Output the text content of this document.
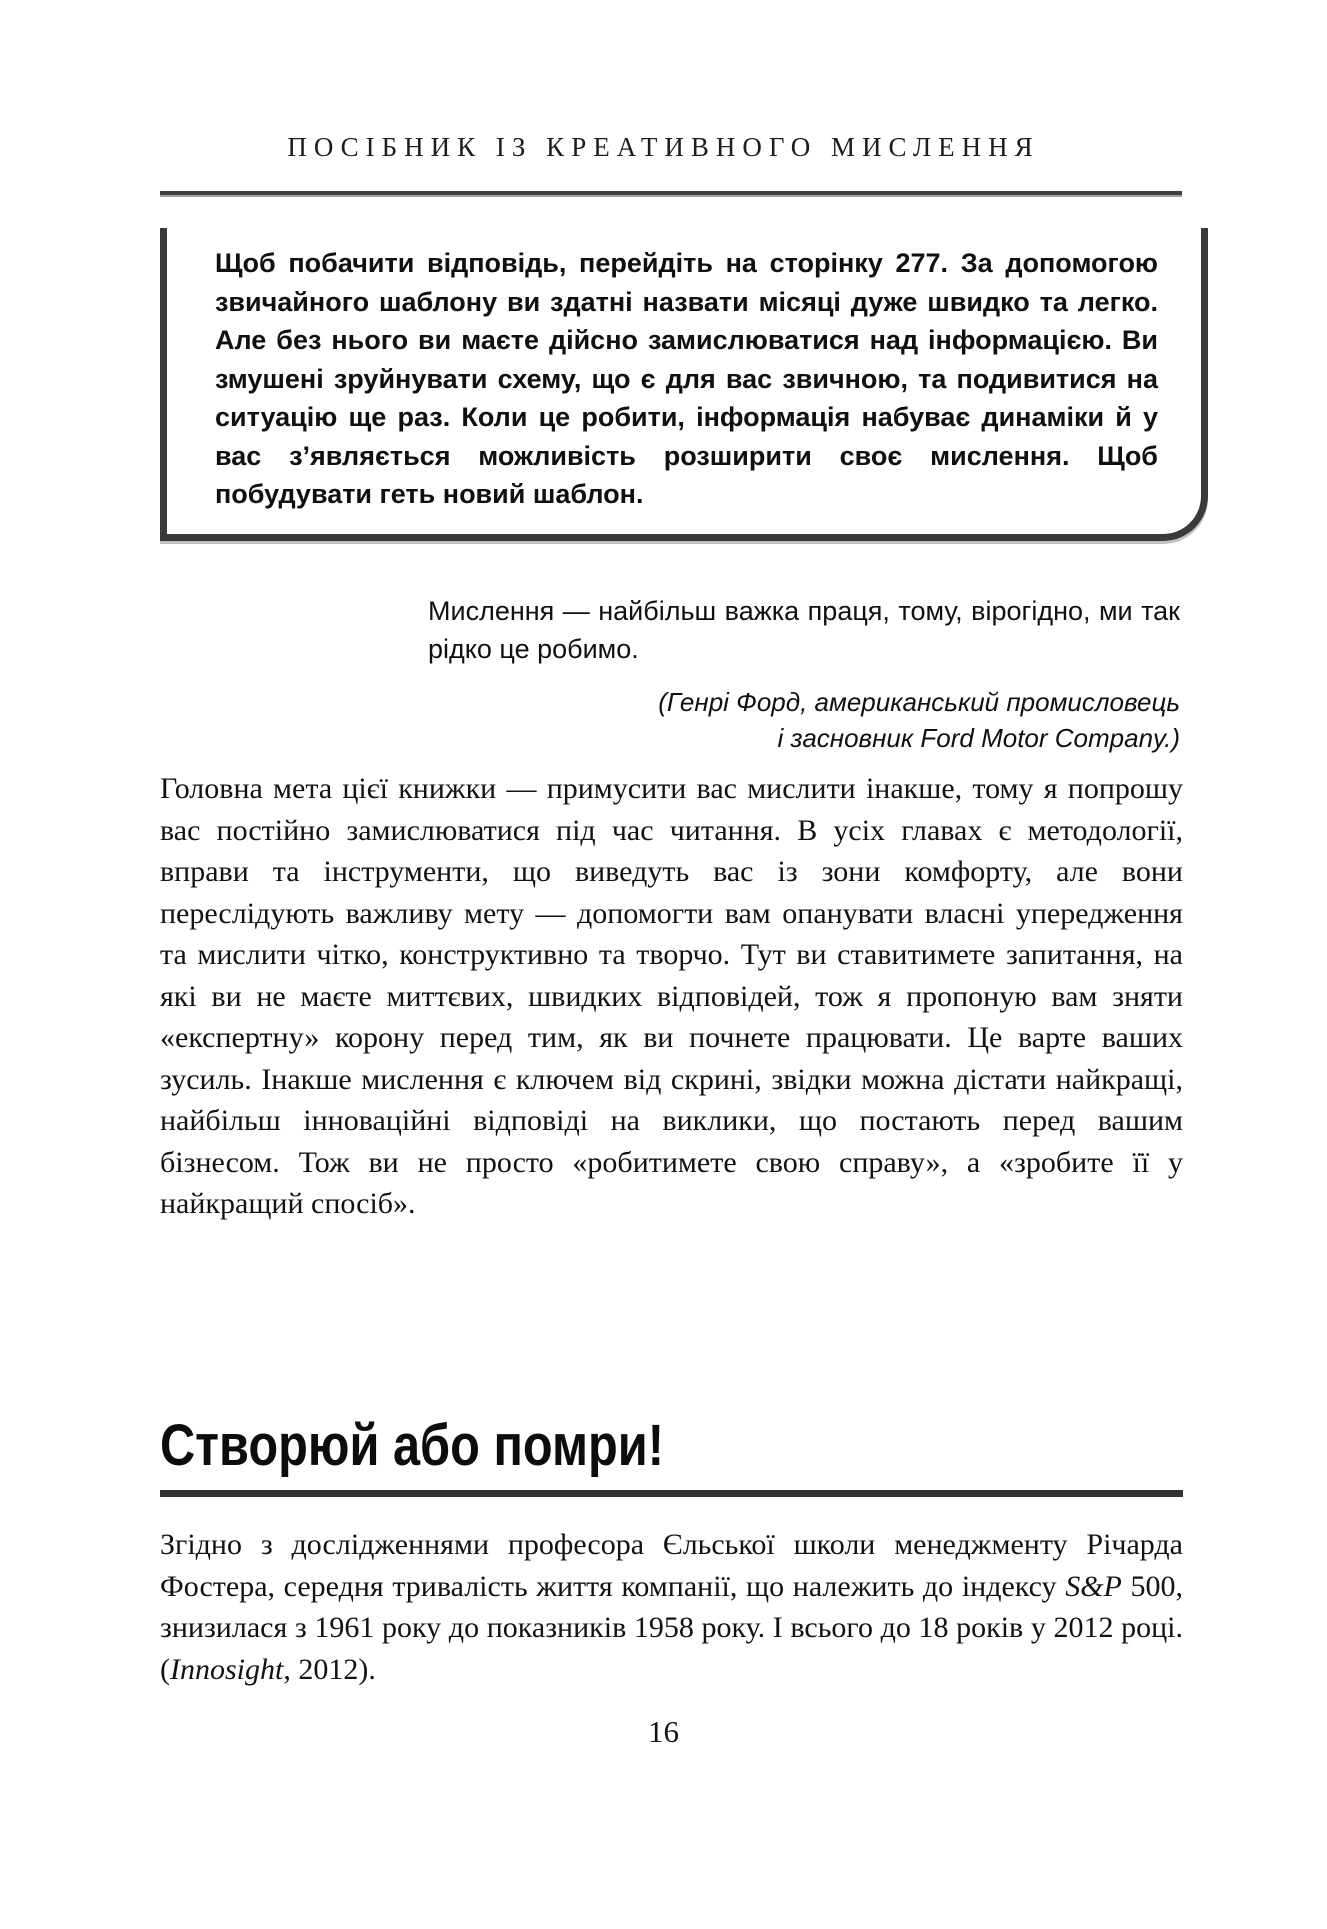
ПОСІБНИК ІЗ КРЕАТИВНОГО МИСЛЕННЯ
Щоб побачити відповідь, перейдіть на сторінку 277. За допомогою звичайного шаблону ви здатні назвати місяці дуже швидко та легко. Але без нього ви маєте дійсно замислюватися над інформацією. Ви змушені зруйнувати схему, що є для вас звичною, та подивитися на ситуацію ще раз. Коли це робити, інформація набуває динаміки й у вас з’являється можливість розширити своє мислення. Щоб побудувати геть новий шаблон.
Мислення — найбільш важка праця, тому, вірогідно, ми так рідко це робимо.
(Генрі Форд, американський промисловець
і засновник Ford Motor Company.)
Головна мета цієї книжки — примусити вас мислити інакше, тому я попрошу вас постійно замислюватися під час читання. В усіх главах є методології, вправи та інструменти, що виведуть вас із зони комфорту, але вони переслідують важливу мету — допомогти вам опанувати власні упередження та мислити чітко, конструктивно та творчо. Тут ви ставитимете запитання, на які ви не маєте миттєвих, швидких відповідей, тож я пропоную вам зняти «експертну» корону перед тим, як ви почнете працювати. Це варте ваших зусиль. Інакше мислення є ключем від скрині, звідки можна дістати найкращі, найбільш інноваційні відповіді на виклики, що постають перед вашим бізнесом. Тож ви не просто «робитимете свою справу», а «зробите її у найкращий спосіб».
Створюй або помри!
Згідно з дослідженнями професора Єльської школи менеджменту Річарда Фостера, середня тривалість життя компанії, що належить до індексу S&P 500, знизилася з 1961 року до показників 1958 року. І всього до 18 років у 2012 році. (Innosight, 2012).
16
